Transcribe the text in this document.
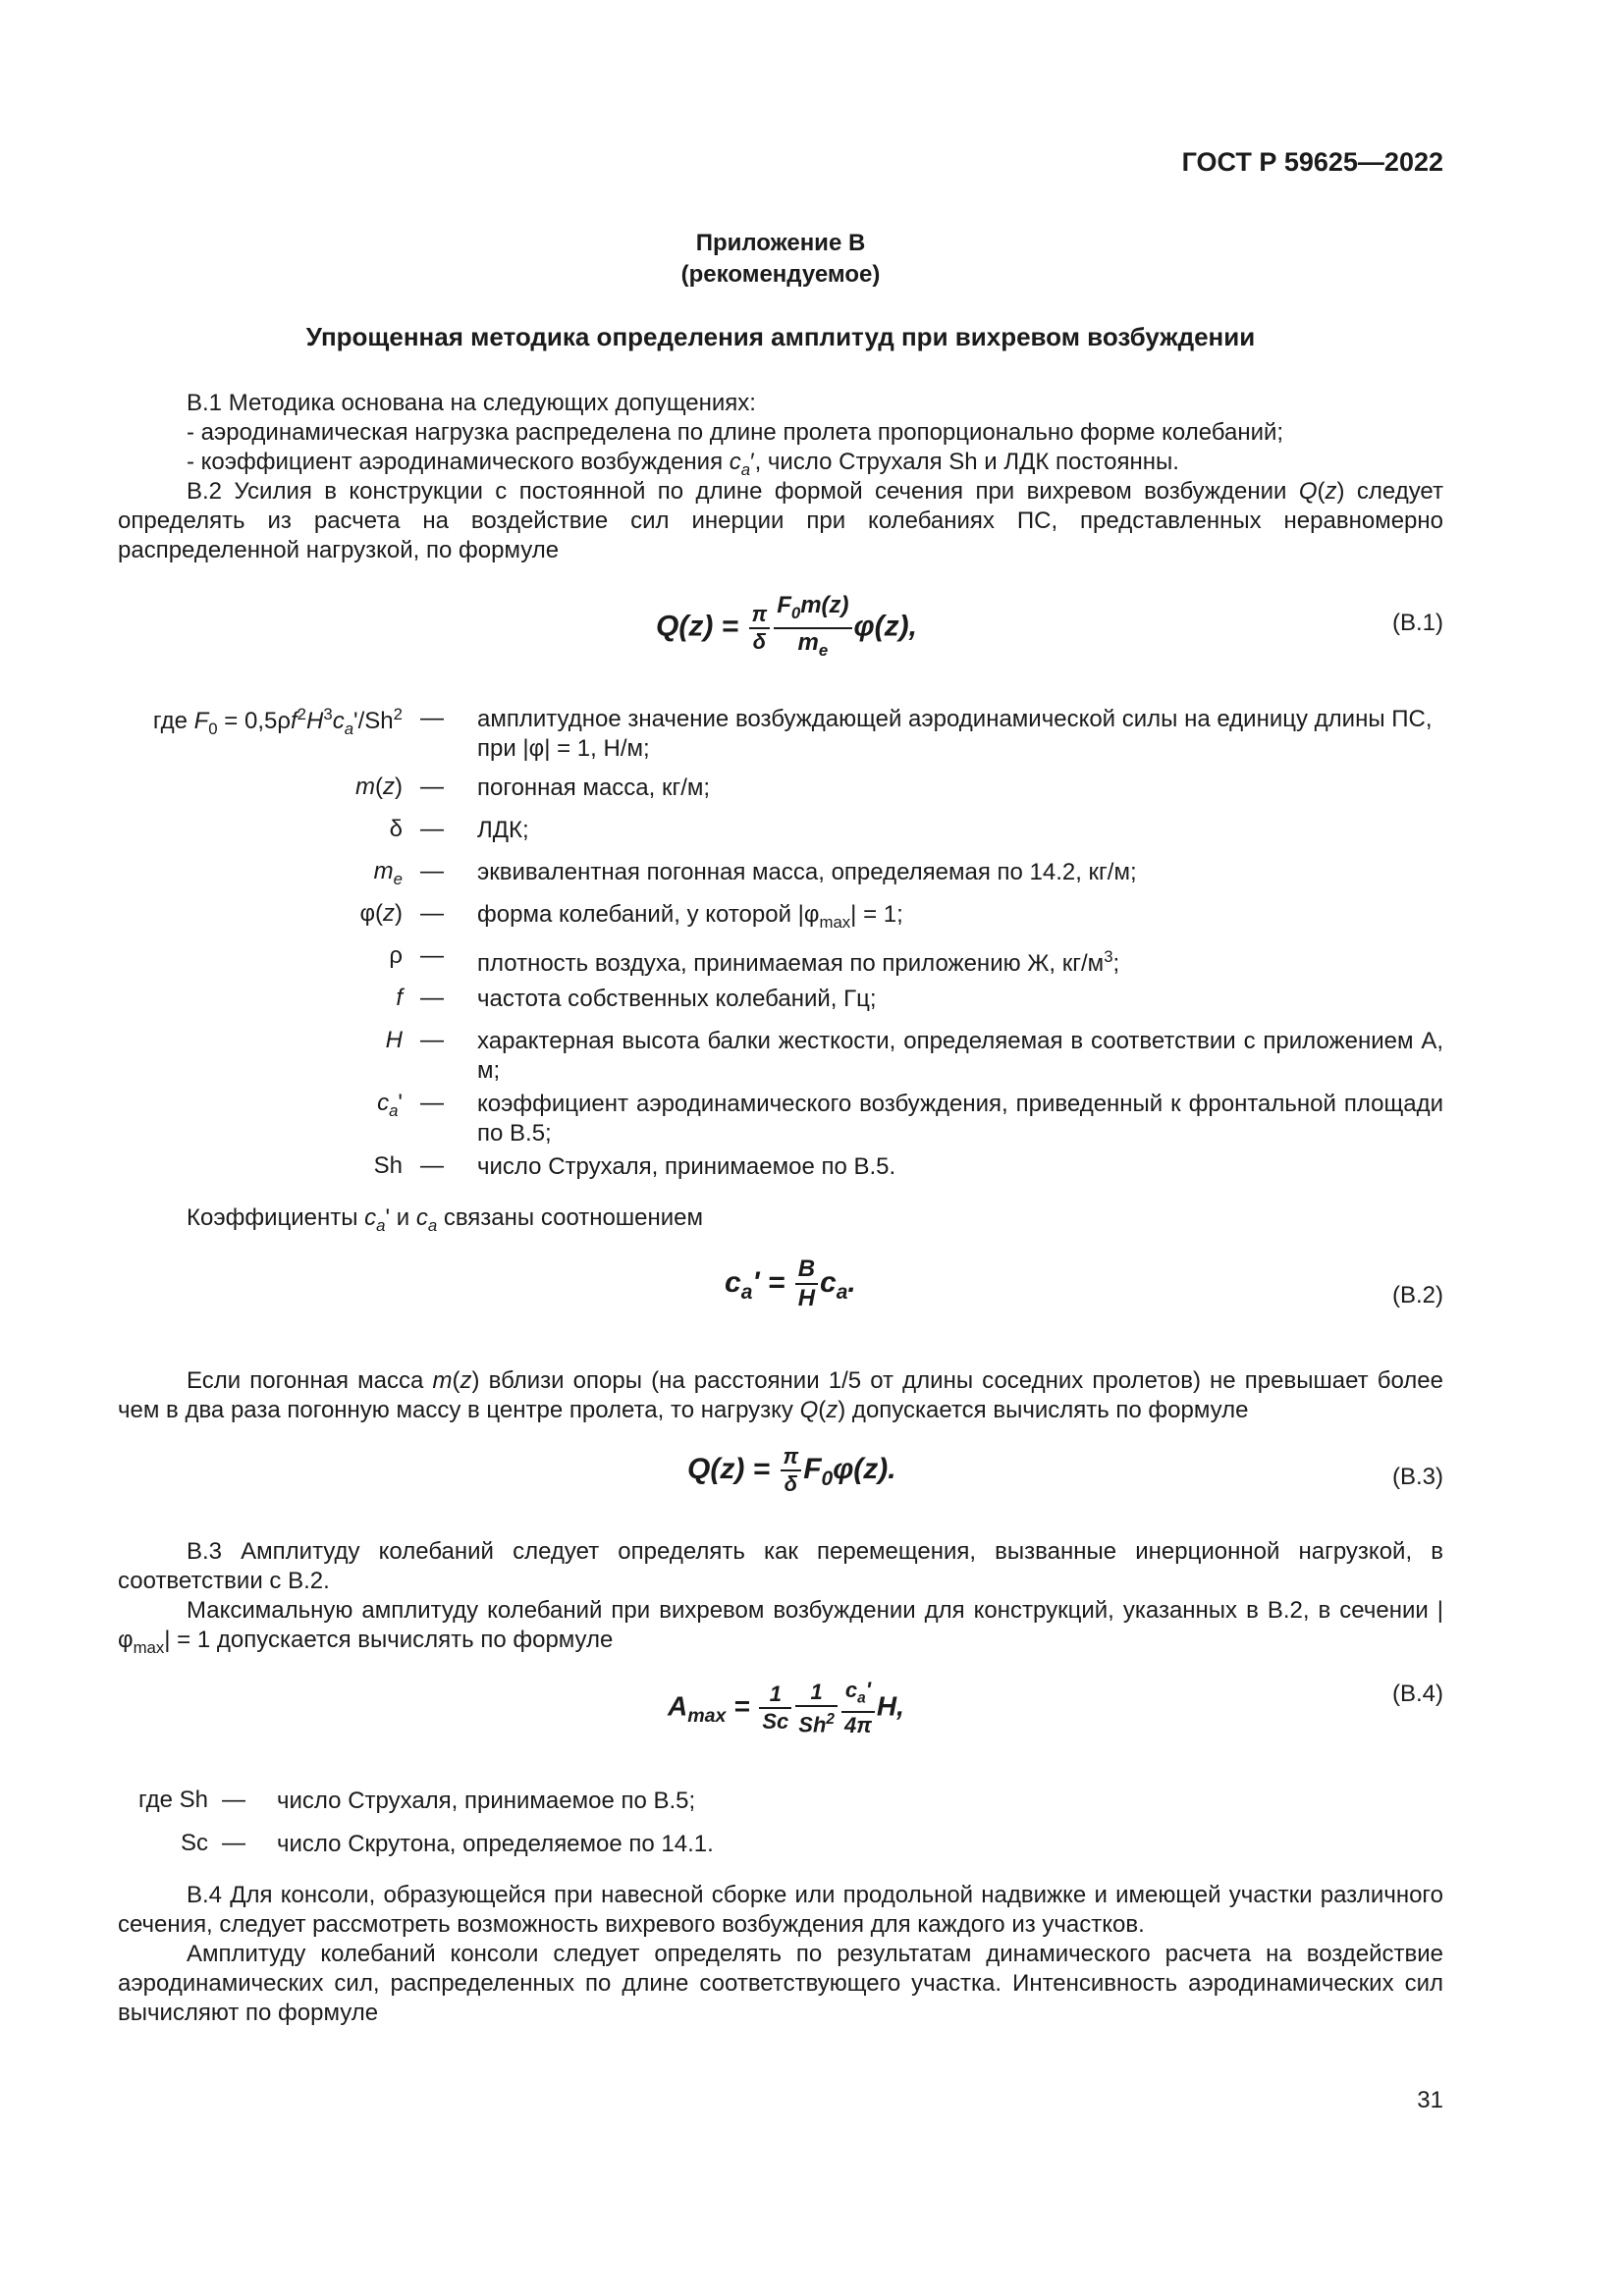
ГОСТ Р 59625—2022
Приложение В
(рекомендуемое)
Упрощенная методика определения амплитуд при вихревом возбуждении
В.1 Методика основана на следующих допущениях:
- аэродинамическая нагрузка распределена по длине пролета пропорционально форме колебаний;
- коэффициент аэродинамического возбуждения $c_a'$, число Струхаля Sh и ЛДК постоянны.
В.2 Усилия в конструкции с постоянной по длине формой сечения при вихревом возбуждении Q(z) следует определять из расчета на воздействие сил инерции при колебаниях ПС, представленных неравномерно распределенной нагрузкой, по формуле
$Q(z) = \frac{\pi}{\delta} \frac{F_0m(z)}{m_e} \varphi(z)$,	(В.1)
где $F_0 = 0,5\rho f^2H^3c_a'/Sh^2$ — амплитудное значение возбуждающей аэродинамической силы на единицу длины ПС, при |φ| = 1, Н/м;
m(z) — погонная масса, кг/м;
δ — ЛДК;
$m_e$ — эквивалентная погонная масса, определяемая по 14.2, кг/м;
φ(z) — форма колебаний, у которой $|\varphi_{max}| = 1$;
ρ — плотность воздуха, принимаемая по приложению Ж, $кг/м^3$;
f — частота собственных колебаний, Гц;
H — характерная высота балки жесткости, определяемая в соответствии с приложением А, м;
$c_a'$ — коэффициент аэродинамического возбуждения, приведенный к фронтальной площади по В.5;
Sh — число Струхаля, принимаемое по В.5.
Коэффициенты $c_a'$ и $c_a$ связаны соотношением
$c_a' = \frac{B}{H} c_a$.	(В.2)
Если погонная масса m(z) вблизи опоры (на расстоянии 1/5 от длины соседних пролетов) не превышает более чем в два раза погонную массу в центре пролета, то нагрузку Q(z) допускается вычислять по формуле
$Q(z) = \frac{\pi}{\delta} F_0\varphi(z)$.	(В.3)
В.3 Амплитуду колебаний следует определять как перемещения, вызванные инерционной нагрузкой, в соответствии с В.2.
Максимальную амплитуду колебаний при вихревом возбуждении для конструкций, указанных в В.2, в сечении $|\varphi_{max}| = 1$ допускается вычислять по формуле
$A_{max} = \frac{1}{Sc} \frac{1}{Sh^2} \frac{c_a'}{4\pi} H$,	(В.4)
где Sh — число Струхаля, принимаемое по В.5;
Sc — число Скрутона, определяемое по 14.1.
В.4 Для консоли, образующейся при навесной сборке или продольной надвижке и имеющей участки различного сечения, следует рассмотреть возможность вихревого возбуждения для каждого из участков.
Амплитуду колебаний консоли следует определять по результатам динамического расчета на воздействие аэродинамических сил, распределенных по длине соответствующего участка. Интенсивность аэродинамических сил вычисляют по формуле
31
